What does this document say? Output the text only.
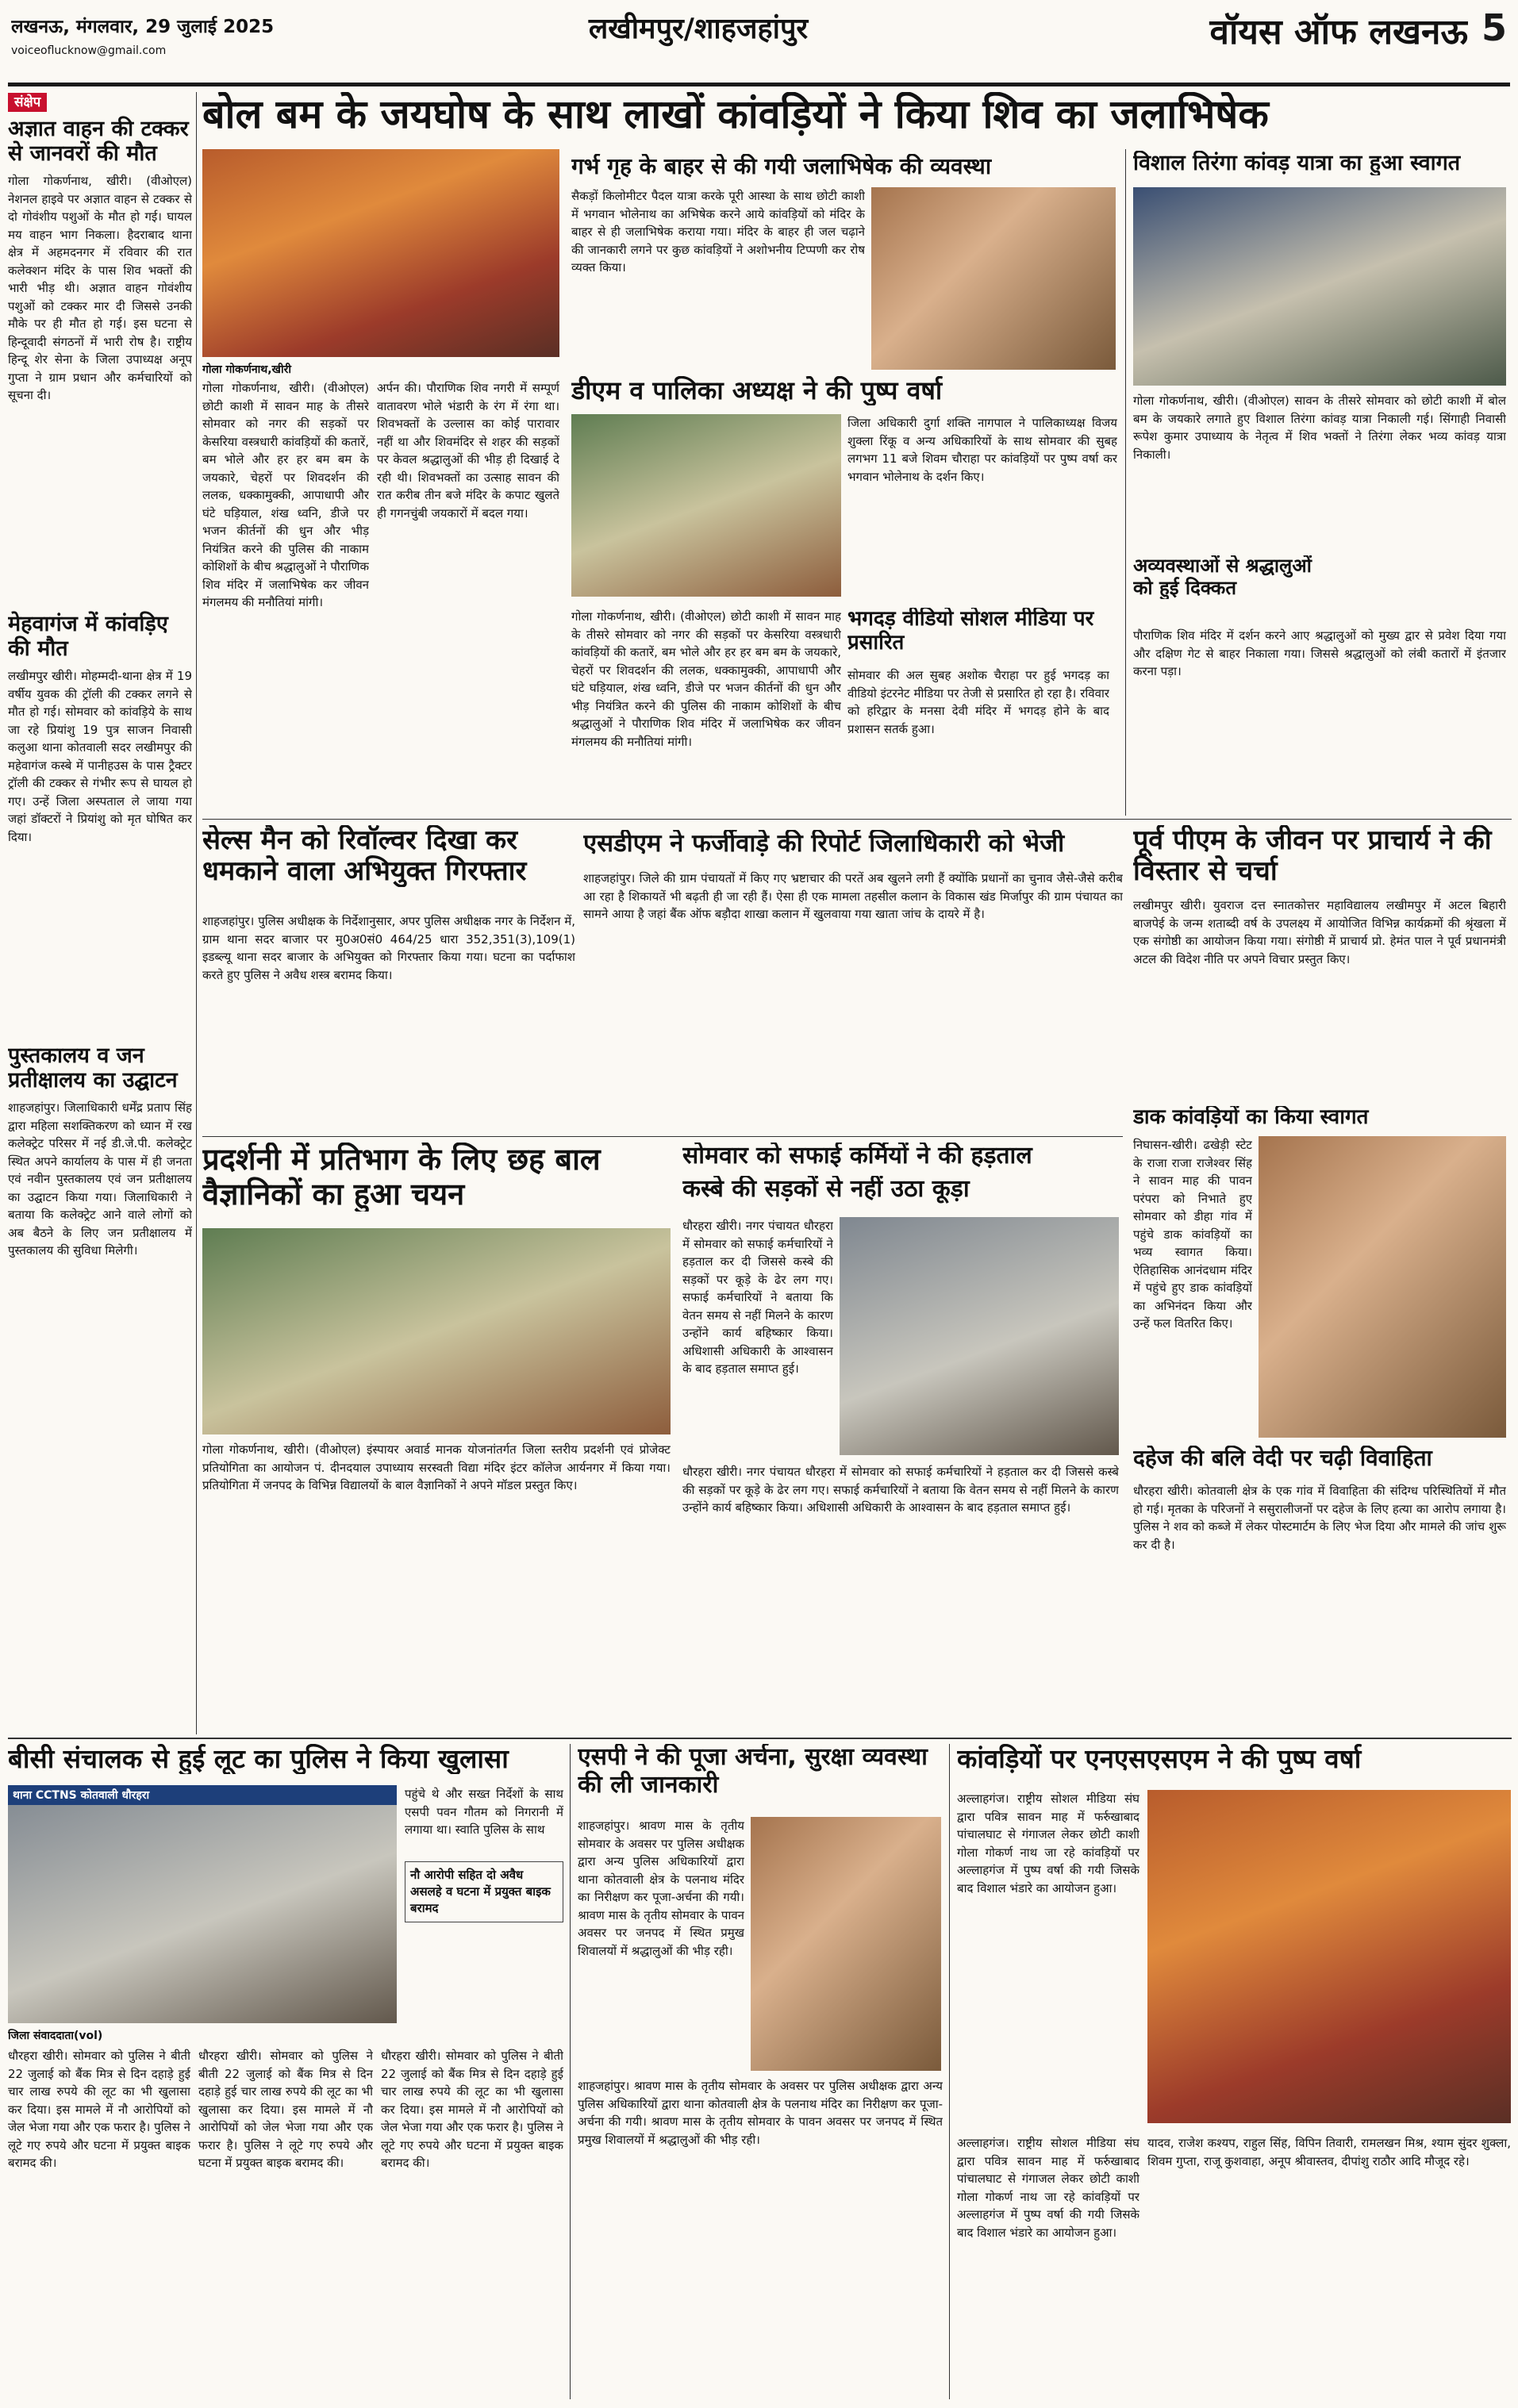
लखनऊ, मंगलवार, 29 जुलाई 2025
voiceoflucknow@gmail.com
लखीमपुर/शाहजहांपुर	वॉयस ऑफ लखनऊ 5
संक्षेप
अज्ञात वाहन की टक्कर से जानवरों की मौत
गोला गोकर्णनाथ, खीरी। (वीओएल) नेशनल हाइवे पर अज्ञात वाहन से टक्कर से दो गोवंशीय पशुओं के मौत हो गई। घायल मय वाहन भाग निकला। हैदराबाद थाना क्षेत्र में अहमदनगर में रविवार की रात कलेक्शन मंदिर के पास शिव भक्तों की भारी भीड़ थी। अज्ञात वाहन गोवंशीय पशुओं को टक्कर मार दी जिससे उनकी मौके पर ही मौत हो गई। इस घटना से हिन्दूवादी संगठनों में भारी रोष है। राष्ट्रीय हिन्दू शेर सेना के जिला उपाध्यक्ष अनूप गुप्ता ने ग्राम प्रधान और कर्मचारियों को सूचना दी।
मेहवागंज में कांवड़िए की मौत
लखीमपुर खीरी। मोहम्मदी-थाना क्षेत्र में 19 वर्षीय युवक की ट्रॉली की टक्कर लगने से मौत हो गई। सोमवार को कांवड़िये के साथ जा रहे प्रियांशु 19 पुत्र साजन निवासी कलुआ थाना कोतवाली सदर लखीमपुर की महेवागंज कस्बे में पानीहउस के पास ट्रैक्टर ट्रॉली की टक्कर से गंभीर रूप से घायल हो गए। उन्हें जिला अस्पताल ले जाया गया जहां डॉक्टरों ने प्रियांशु को मृत घोषित कर दिया।
पुस्तकालय व जन प्रतीक्षालय का उद्घाटन
शाहजहांपुर। जिलाधिकारी धर्मेंद्र प्रताप सिंह द्वारा महिला सशक्तिकरण को ध्यान में रख कलेक्ट्रेट परिसर में नई डी.जे.पी. कलेक्ट्रेट स्थित अपने कार्यालय के पास में ही जनता एवं नवीन पुस्तकालय एवं जन प्रतीक्षालय का उद्घाटन किया गया। जिलाधिकारी ने बताया कि कलेक्ट्रेट आने वाले लोगों को अब बैठने के लिए जन प्रतीक्षालय में पुस्तकालय की सुविधा मिलेगी।
बोल बम के जयघोष के साथ लाखों कांवड़ियों ने किया शिव का जलाभिषेक
गोला गोकर्णनाथ,खीरी
गोला गोकर्णनाथ, खीरी। (वीओएल) छोटी काशी में सावन माह के तीसरे सोमवार को नगर की सड़कों पर केसरिया वस्त्रधारी कांवड़ियों की कतारें, बम भोले और हर हर बम बम के जयकारे, चेहरों पर शिवदर्शन की ललक, धक्कामुक्की, आपाधापी और घंटे घड़ियाल, शंख ध्वनि, डीजे पर भजन कीर्तनों की धुन और भीड़ नियंत्रित करने की पुलिस की नाकाम कोशिशों के बीच श्रद्धालुओं ने पौराणिक शिव मंदिर में जलाभिषेक कर जीवन मंगलमय की मनौतियां मांगी।
अर्पन की। पौराणिक शिव नगरी में सम्पूर्ण वातावरण भोले भंडारी के रंग में रंगा था। शिवभक्तों के उल्लास का कोई पारावार नहीं था और शिवमंदिर से शहर की सड़कों पर केवल श्रद्धालुओं की भीड़ ही दिखाई दे रही थी। शिवभक्तों का उत्साह सावन की रात करीब तीन बजे मंदिर के कपाट खुलते ही गगनचुंबी जयकारों में बदल गया।
गर्भ गृह के बाहर से की गयी जलाभिषेक की व्यवस्था
सैकड़ों किलोमीटर पैदल यात्रा करके पूरी आस्था के साथ छोटी काशी में भगवान भोलेनाथ का अभिषेक करने आये कांवड़ियों को मंदिर के बाहर से ही जलाभिषेक कराया गया। मंदिर के बाहर ही जल चढ़ाने की जानकारी लगने पर कुछ कांवड़ियों ने अशोभनीय टिप्पणी कर रोष व्यक्त किया।
डीएम व पालिका अध्यक्ष ने की पुष्प वर्षा
जिला अधिकारी दुर्गा शक्ति नागपाल ने पालिकाध्यक्ष विजय शुक्ला रिंकू व अन्य अधिकारियों के साथ सोमवार की सुबह लगभग 11 बजे शिवम चौराहा पर कांवड़ियों पर पुष्प वर्षा कर भगवान भोलेनाथ के दर्शन किए।
भगदड़ वीडियो सोशल मीडिया पर प्रसारित
सोमवार की अल सुबह अशोक चैराहा पर हुई भगदड़ का वीडियो इंटरनेट मीडिया पर तेजी से प्रसारित हो रहा है। रविवार को हरिद्वार के मनसा देवी मंदिर में भगदड़ होने के बाद प्रशासन सतर्क हुआ।
गोला गोकर्णनाथ, खीरी। (वीओएल) छोटी काशी में सावन माह के तीसरे सोमवार को नगर की सड़कों पर केसरिया वस्त्रधारी कांवड़ियों की कतारें, बम भोले और हर हर बम बम के जयकारे, चेहरों पर शिवदर्शन की ललक, धक्कामुक्की, आपाधापी और घंटे घड़ियाल, शंख ध्वनि, डीजे पर भजन कीर्तनों की धुन और भीड़ नियंत्रित करने की पुलिस की नाकाम कोशिशों के बीच श्रद्धालुओं ने पौराणिक शिव मंदिर में जलाभिषेक कर जीवन मंगलमय की मनौतियां मांगी।
विशाल तिरंगा कांवड़ यात्रा का हुआ स्वागत
गोला गोकर्णनाथ, खीरी। (वीओएल) सावन के तीसरे सोमवार को छोटी काशी में बोल बम के जयकारे लगाते हुए विशाल तिरंगा कांवड़ यात्रा निकाली गई। सिंगाही निवासी रूपेश कुमार उपाध्याय के नेतृत्व में शिव भक्तों ने तिरंगा लेकर भव्य कांवड़ यात्रा निकाली।
अव्यवस्थाओं से श्रद्धालुओं को हुई दिक्कत
पौराणिक शिव मंदिर में दर्शन करने आए श्रद्धालुओं को मुख्य द्वार से प्रवेश दिया गया और दक्षिण गेट से बाहर निकाला गया। जिससे श्रद्धालुओं को लंबी कतारों में इंतजार करना पड़ा।
सेल्स मैन को रिवॉल्वर दिखा कर धमकाने वाला अभियुक्त गिरफ्तार
शाहजहांपुर। पुलिस अधीक्षक के निर्देशानुसार, अपर पुलिस अधीक्षक नगर के निर्देशन में, ग्राम थाना सदर बाजार पर मु0अ0सं0 464/25 धारा 352,351(3),109(1) इडब्ल्यू थाना सदर बाजार के अभियुक्त को गिरफ्तार किया गया। घटना का पर्दाफाश करते हुए पुलिस ने अवैध शस्त्र बरामद किया।
एसडीएम ने फर्जीवाड़े की रिपोर्ट जिलाधिकारी को भेजी
शाहजहांपुर। जिले की ग्राम पंचायतों में किए गए भ्रष्टाचार की परतें अब खुलने लगी हैं क्योंकि प्रधानों का चुनाव जैसे-जैसे करीब आ रहा है शिकायतें भी बढ़ती ही जा रही हैं। ऐसा ही एक मामला तहसील कलान के विकास खंड मिर्जापुर की ग्राम पंचायत का सामने आया है जहां बैंक ऑफ बड़ौदा शाखा कलान में खुलवाया गया खाता जांच के दायरे में है।
पूर्व पीएम के जीवन पर प्राचार्य ने की विस्तार से चर्चा
लखीमपुर खीरी। युवराज दत्त स्नातकोत्तर महाविद्यालय लखीमपुर में अटल बिहारी बाजपेई के जन्म शताब्दी वर्ष के उपलक्ष्य में आयोजित विभिन्न कार्यक्रमों की श्रृंखला में एक संगोष्ठी का आयोजन किया गया। संगोष्ठी में प्राचार्य प्रो. हेमंत पाल ने पूर्व प्रधानमंत्री अटल की विदेश नीति पर अपने विचार प्रस्तुत किए।
डाक कांवड़ियों का किया स्वागत
निघासन-खीरी। ढखेड़ी स्टेट के राजा राजा राजेश्वर सिंह ने सावन माह की पावन परंपरा को निभाते हुए सोमवार को डीहा गांव में पहुंचे डाक कांवड़ियों का भव्य स्वागत किया। ऐतिहासिक आनंदधाम मंदिर में पहुंचे हुए डाक कांवड़ियों का अभिनंदन किया और उन्हें फल वितरित किए।
प्रदर्शनी में प्रतिभाग के लिए छह बाल वैज्ञानिकों का हुआ चयन
गोला गोकर्णनाथ, खीरी। (वीओएल) इंस्पायर अवार्ड मानक योजनांतर्गत जिला स्तरीय प्रदर्शनी एवं प्रोजेक्ट प्रतियोगिता का आयोजन पं. दीनदयाल उपाध्याय सरस्वती विद्या मंदिर इंटर कॉलेज आर्यनगर में किया गया। प्रतियोगिता में जनपद के विभिन्न विद्यालयों के बाल वैज्ञानिकों ने अपने मॉडल प्रस्तुत किए।
सोमवार को सफाई कर्मियों ने की हड़ताल
कस्बे की सड़कों से नहीं उठा कूड़ा
धौरहरा खीरी। नगर पंचायत धौरहरा में सोमवार को सफाई कर्मचारियों ने हड़ताल कर दी जिससे कस्बे की सड़कों पर कूड़े के ढेर लग गए। सफाई कर्मचारियों ने बताया कि वेतन समय से नहीं मिलने के कारण उन्होंने कार्य बहिष्कार किया। अधिशासी अधिकारी के आश्वासन के बाद हड़ताल समाप्त हुई।
दहेज की बलि वेदी पर चढ़ी विवाहिता
धौरहरा खीरी। कोतवाली क्षेत्र के एक गांव में विवाहिता की संदिग्ध परिस्थितियों में मौत हो गई। मृतका के परिजनों ने ससुरालीजनों पर दहेज के लिए हत्या का आरोप लगाया है। पुलिस ने शव को कब्जे में लेकर पोस्टमार्टम के लिए भेज दिया और मामले की जांच शुरू कर दी है।
धौरहरा खीरी। नगर पंचायत धौरहरा में सोमवार को सफाई कर्मचारियों ने हड़ताल कर दी जिससे कस्बे की सड़कों पर कूड़े के ढेर लग गए। सफाई कर्मचारियों ने बताया कि वेतन समय से नहीं मिलने के कारण उन्होंने कार्य बहिष्कार किया। अधिशासी अधिकारी के आश्वासन के बाद हड़ताल समाप्त हुई।
बीसी संचालक से हुई लूट का पुलिस ने किया खुलासा
थाना CCTNS कोतवाली धौरहरा	पहुंचे थे और सख्त निर्देशों के साथ एसपी पवन गौतम को निगरानी में लगाया था। स्वाति पुलिस के साथ
नौ आरोपी सहित दो अवैध असलहे व घटना में प्रयुक्त बाइक बरामद
जिला संवाददाता(vol)
धौरहरा खीरी। सोमवार को पुलिस ने बीती 22 जुलाई को बैंक मित्र से दिन दहाड़े हुई चार लाख रुपये की लूट का भी खुलासा कर दिया। इस मामले में नौ आरोपियों को जेल भेजा गया और एक फरार है। पुलिस ने लूटे गए रुपये और घटना में प्रयुक्त बाइक बरामद की।
धौरहरा खीरी। सोमवार को पुलिस ने बीती 22 जुलाई को बैंक मित्र से दिन दहाड़े हुई चार लाख रुपये की लूट का भी खुलासा कर दिया। इस मामले में नौ आरोपियों को जेल भेजा गया और एक फरार है। पुलिस ने लूटे गए रुपये और घटना में प्रयुक्त बाइक बरामद की।
धौरहरा खीरी। सोमवार को पुलिस ने बीती 22 जुलाई को बैंक मित्र से दिन दहाड़े हुई चार लाख रुपये की लूट का भी खुलासा कर दिया। इस मामले में नौ आरोपियों को जेल भेजा गया और एक फरार है। पुलिस ने लूटे गए रुपये और घटना में प्रयुक्त बाइक बरामद की।
एसपी ने की पूजा अर्चना, सुरक्षा व्यवस्था की ली जानकारी
शाहजहांपुर। श्रावण मास के तृतीय सोमवार के अवसर पर पुलिस अधीक्षक द्वारा अन्य पुलिस अधिकारियों द्वारा थाना कोतवाली क्षेत्र के पलनाथ मंदिर का निरीक्षण कर पूजा-अर्चना की गयी। श्रावण मास के तृतीय सोमवार के पावन अवसर पर जनपद में स्थित प्रमुख शिवालयों में श्रद्धालुओं की भीड़ रही।
शाहजहांपुर। श्रावण मास के तृतीय सोमवार के अवसर पर पुलिस अधीक्षक द्वारा अन्य पुलिस अधिकारियों द्वारा थाना कोतवाली क्षेत्र के पलनाथ मंदिर का निरीक्षण कर पूजा-अर्चना की गयी। श्रावण मास के तृतीय सोमवार के पावन अवसर पर जनपद में स्थित प्रमुख शिवालयों में श्रद्धालुओं की भीड़ रही।
कांवड़ियों पर एनएसएसएम ने की पुष्प वर्षा
अल्लाहगंज। राष्ट्रीय सोशल मीडिया संघ द्वारा पवित्र सावन माह में फर्रुखाबाद पांचालघाट से गंगाजल लेकर छोटी काशी गोला गोकर्ण नाथ जा रहे कांवड़ियों पर अल्लाहगंज में पुष्प वर्षा की गयी जिसके बाद विशाल भंडारे का आयोजन हुआ।
अल्लाहगंज। राष्ट्रीय सोशल मीडिया संघ द्वारा पवित्र सावन माह में फर्रुखाबाद पांचालघाट से गंगाजल लेकर छोटी काशी गोला गोकर्ण नाथ जा रहे कांवड़ियों पर अल्लाहगंज में पुष्प वर्षा की गयी जिसके बाद विशाल भंडारे का आयोजन हुआ।
यादव, राजेश कश्यप, राहुल सिंह, विपिन तिवारी, रामलखन मिश्र, श्याम सुंदर शुक्ला, शिवम गुप्ता, राजू कुशवाहा, अनूप श्रीवास्तव, दीपांशु राठौर आदि मौजूद रहे।
